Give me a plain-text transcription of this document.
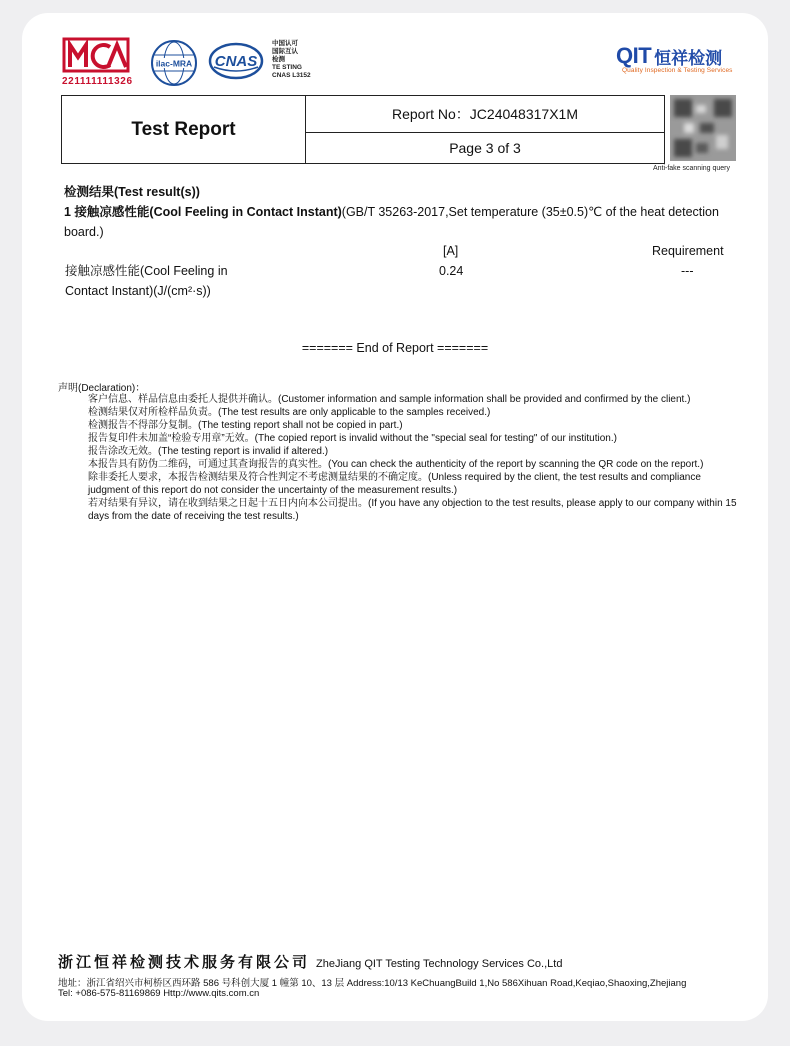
221111111326
ilac-MRA CNAS
中国认可
国际互认
检测
TE STING
CNAS L3152
QIT 恒祥检测
Quality Inspection & Testing Services
Test Report
Report No：JC24048317X1M
Page 3 of 3
Anti-fake scanning query
检测结果(Test result(s))
1 接触凉感性能(Cool Feeling in Contact Instant)(GB/T 35263-2017,Set temperature (35±0.5)℃ of the heat detection
board.)
[A]	Requirement
接触凉感性能(Cool Feeling in
Contact Instant)(J/(cm²·s))
0.24	---
======= End of Report =======
声明(Declaration)：
客户信息、样品信息由委托人提供并确认。(Customer information and sample information shall be provided and confirmed by the client.)
检测结果仅对所检样品负责。(The test results are only applicable to the samples received.)
检测报告不得部分复制。(The testing report shall not be copied in part.)
报告复印件未加盖“检验专用章”无效。(The copied report is invalid without the "special seal for testing" of our institution.)
报告涂改无效。(The testing report is invalid if altered.)
本报告具有防伪二维码，可通过其查询报告的真实性。(You can check the authenticity of the report by scanning the QR code on the report.)
除非委托人要求，本报告检测结果及符合性判定不考虑测量结果的不确定度。(Unless required by the client, the test results and compliance
judgment of this report do not consider the uncertainty of the measurement results.)
若对结果有异议，请在收到结果之日起十五日内向本公司提出。(If you have any objection to the test results, please apply to our company within 15 days from the date of receiving the test results.)
浙江恒祥检测技术服务有限公司 ZheJiang QIT Testing Technology Services Co.,Ltd
地址：浙江省绍兴市柯桥区西环路 586 号科创大厦 1 幢第 10、13 层 Address:10/13 KeChuangBuild 1,No 586Xihuan Road,Keqiao,Shaoxing,Zhejiang
Tel: +086-575-81169869 Http://www.qits.com.cn
